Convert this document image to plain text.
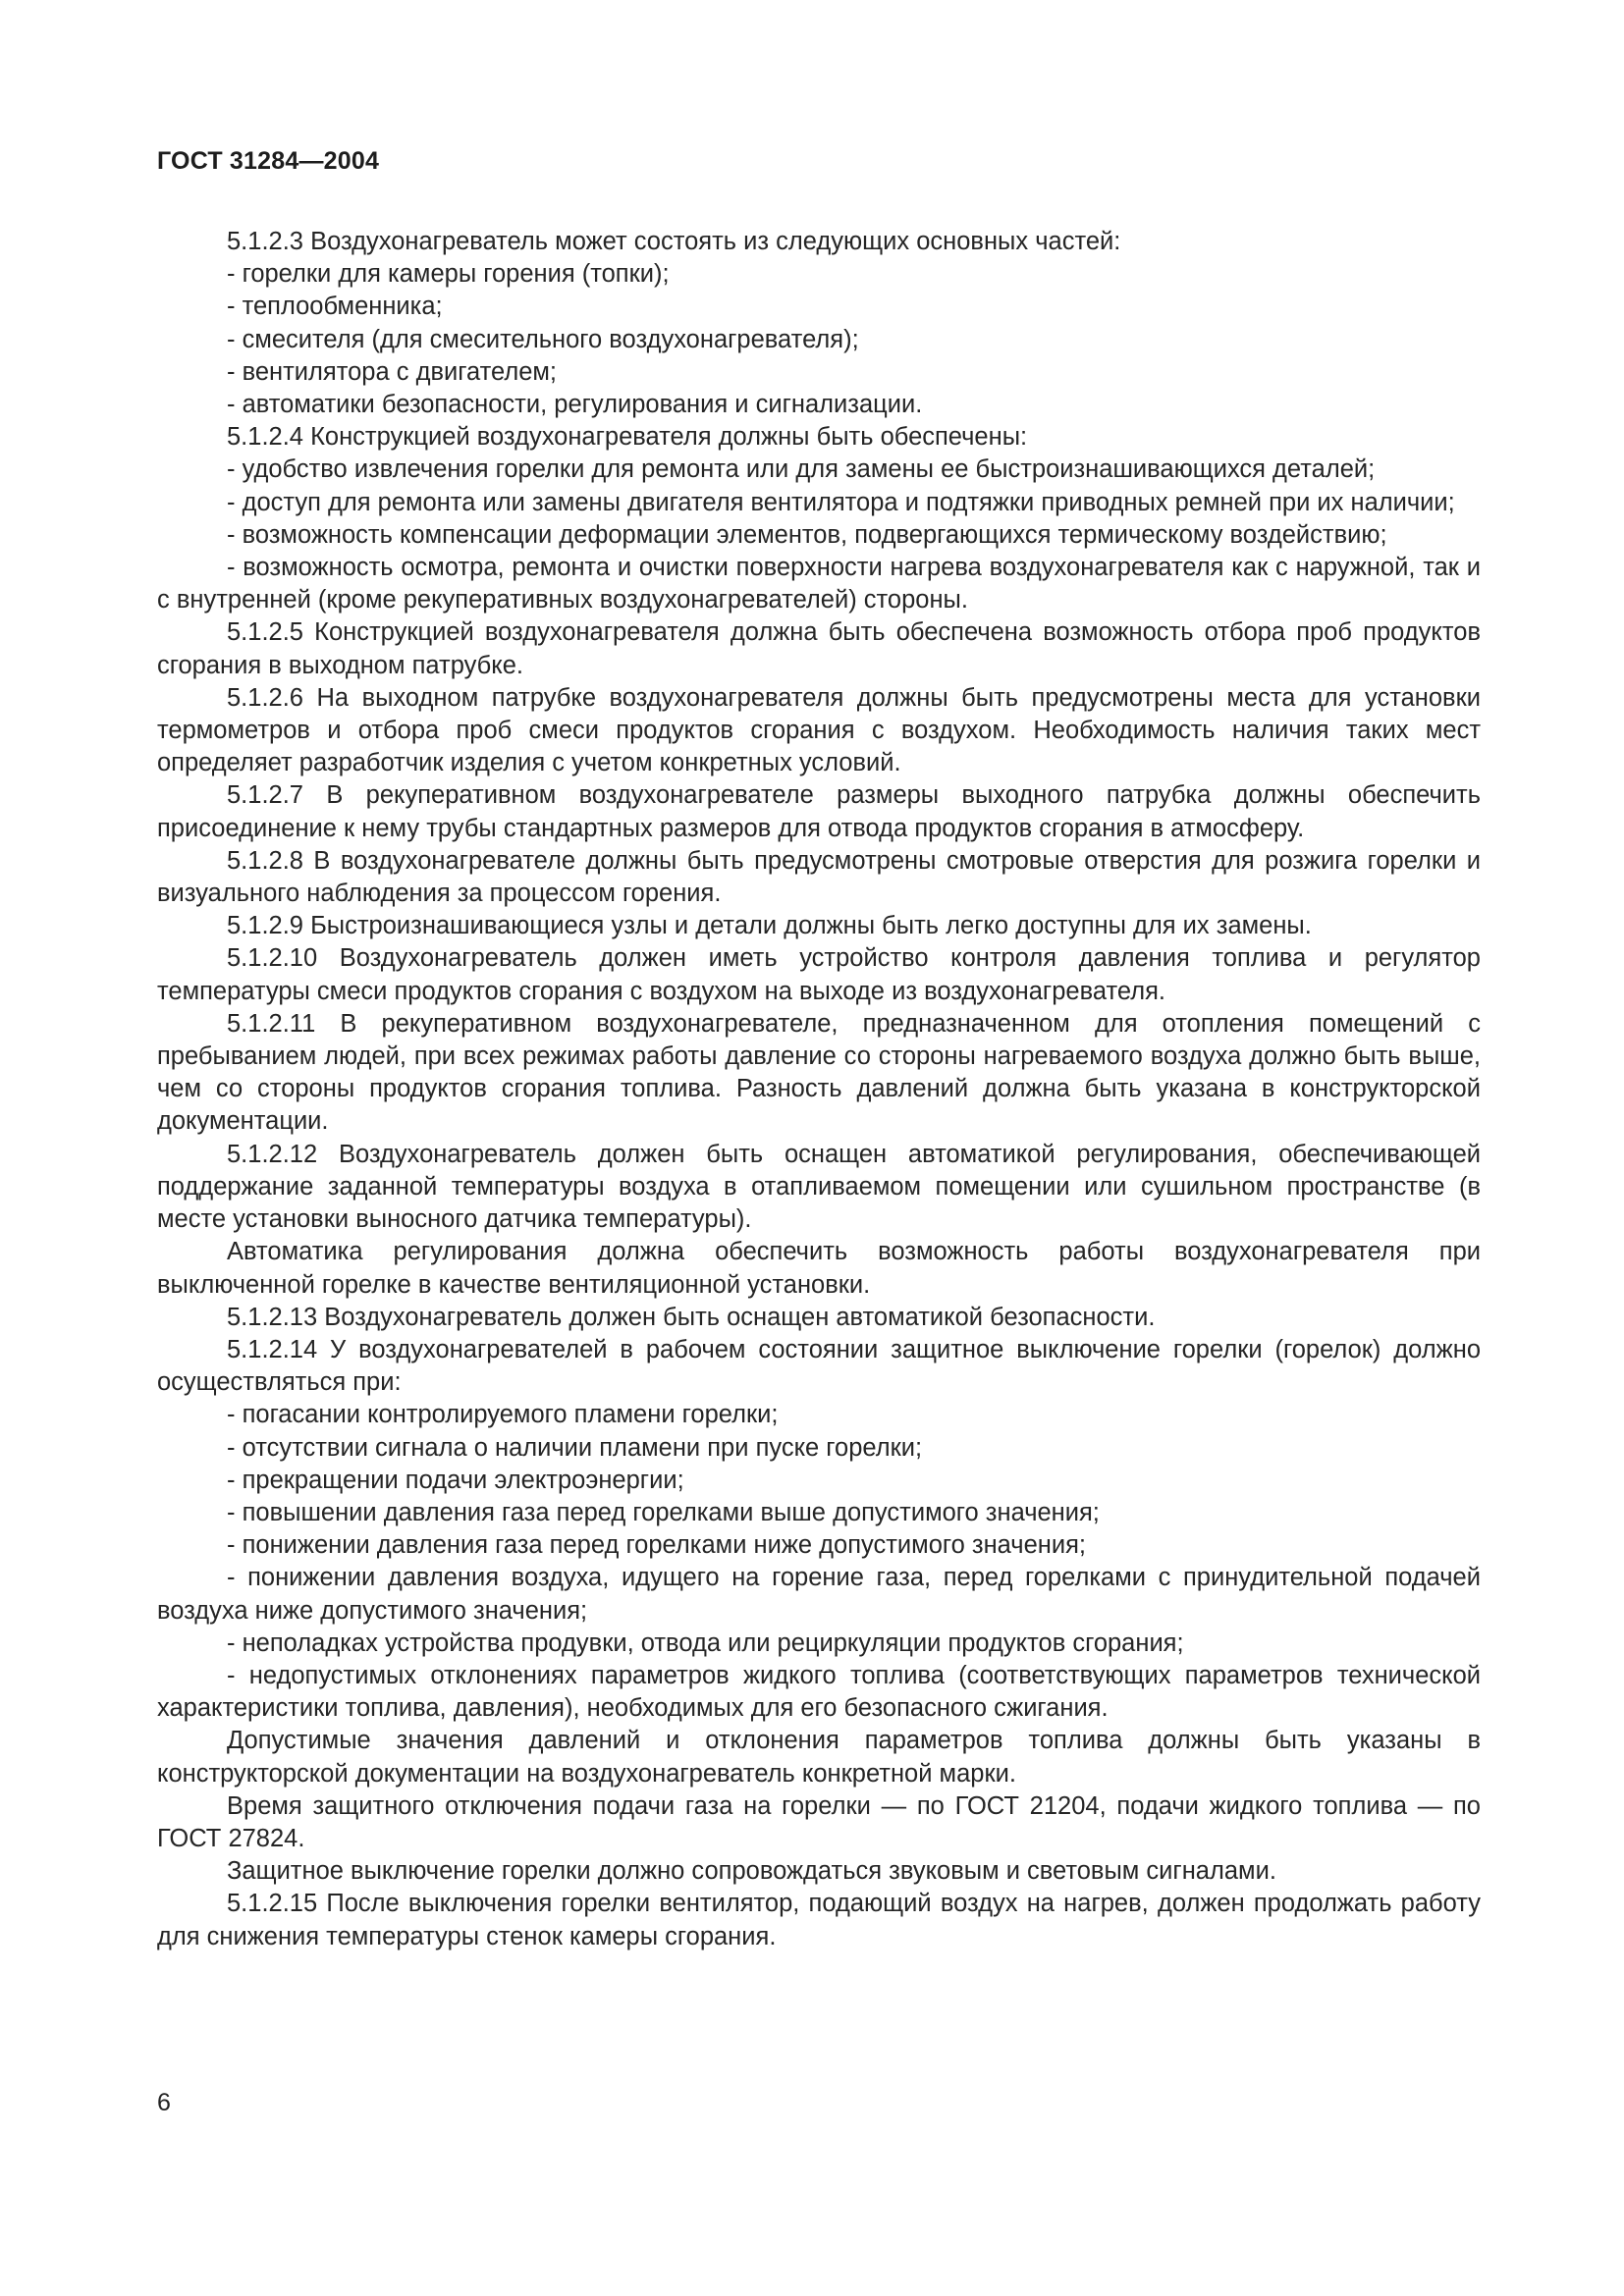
ГОСТ 31284—2004

5.1.2.3 Воздухонагреватель может состоять из следующих основных частей:

- горелки для камеры горения (топки);

- теплообменника;

- смесителя (для смесительного воздухонагревателя);

- вентилятора с двигателем;

- автоматики безопасности, регулирования и сигнализации.

5.1.2.4 Конструкцией воздухонагревателя должны быть обеспечены:

- удобство извлечения горелки для ремонта или для замены ее быстроизнашивающихся деталей;

- доступ для ремонта или замены двигателя вентилятора и подтяжки приводных ремней при их наличии;

- возможность компенсации деформации элементов, подвергающихся термическому воздействию;

- возможность осмотра, ремонта и очистки поверхности нагрева воздухонагревателя как с наружной, так и с внутренней (кроме рекуперативных воздухонагревателей) стороны.

5.1.2.5 Конструкцией воздухонагревателя должна быть обеспечена возможность отбора проб продуктов сгорания в выходном патрубке.

5.1.2.6 На выходном патрубке воздухонагревателя должны быть предусмотрены места для установки термометров и отбора проб смеси продуктов сгорания с воздухом. Необходимость наличия таких мест определяет разработчик изделия с учетом конкретных условий.

5.1.2.7 В рекуперативном воздухонагревателе размеры выходного патрубка должны обеспечить присоединение к нему трубы стандартных размеров для отвода продуктов сгорания в атмосферу.

5.1.2.8 В воздухонагревателе должны быть предусмотрены смотровые отверстия для розжига горелки и визуального наблюдения за процессом горения.

5.1.2.9 Быстроизнашивающиеся узлы и детали должны быть легко доступны для их замены.

5.1.2.10 Воздухонагреватель должен иметь устройство контроля давления топлива и регулятор температуры смеси продуктов сгорания с воздухом на выходе из воздухонагревателя.

5.1.2.11 В рекуперативном воздухонагревателе, предназначенном для отопления помещений с пребыванием людей, при всех режимах работы давление со стороны нагреваемого воздуха должно быть выше, чем со стороны продуктов сгорания топлива. Разность давлений должна быть указана в конструкторской документации.

5.1.2.12 Воздухонагреватель должен быть оснащен автоматикой регулирования, обеспечивающей поддержание заданной температуры воздуха в отапливаемом помещении или сушильном пространстве (в месте установки выносного датчика температуры).

Автоматика регулирования должна обеспечить возможность работы воздухонагревателя при выключенной горелке в качестве вентиляционной установки.

5.1.2.13 Воздухонагреватель должен быть оснащен автоматикой безопасности.

5.1.2.14 У воздухонагревателей в рабочем состоянии защитное выключение горелки (горелок) должно осуществляться при:

- погасании контролируемого пламени горелки;

- отсутствии сигнала о наличии пламени при пуске горелки;

- прекращении подачи электроэнергии;

- повышении давления газа перед горелками выше допустимого значения;

- понижении давления газа перед горелками ниже допустимого значения;

- понижении давления воздуха, идущего на горение газа, перед горелками с принудительной подачей воздуха ниже допустимого значения;

- неполадках устройства продувки, отвода или рециркуляции продуктов сгорания;

- недопустимых отклонениях параметров жидкого топлива (соответствующих параметров технической характеристики топлива, давления), необходимых для его безопасного сжигания.

Допустимые значения давлений и отклонения параметров топлива должны быть указаны в конструкторской документации на воздухонагреватель конкретной марки.

Время защитного отключения подачи газа на горелки — по ГОСТ 21204, подачи жидкого топлива — по ГОСТ 27824.

Защитное выключение горелки должно сопровождаться звуковым и световым сигналами.

5.1.2.15 После выключения горелки вентилятор, подающий воздух на нагрев, должен продолжать работу для снижения температуры стенок камеры сгорания.

6
